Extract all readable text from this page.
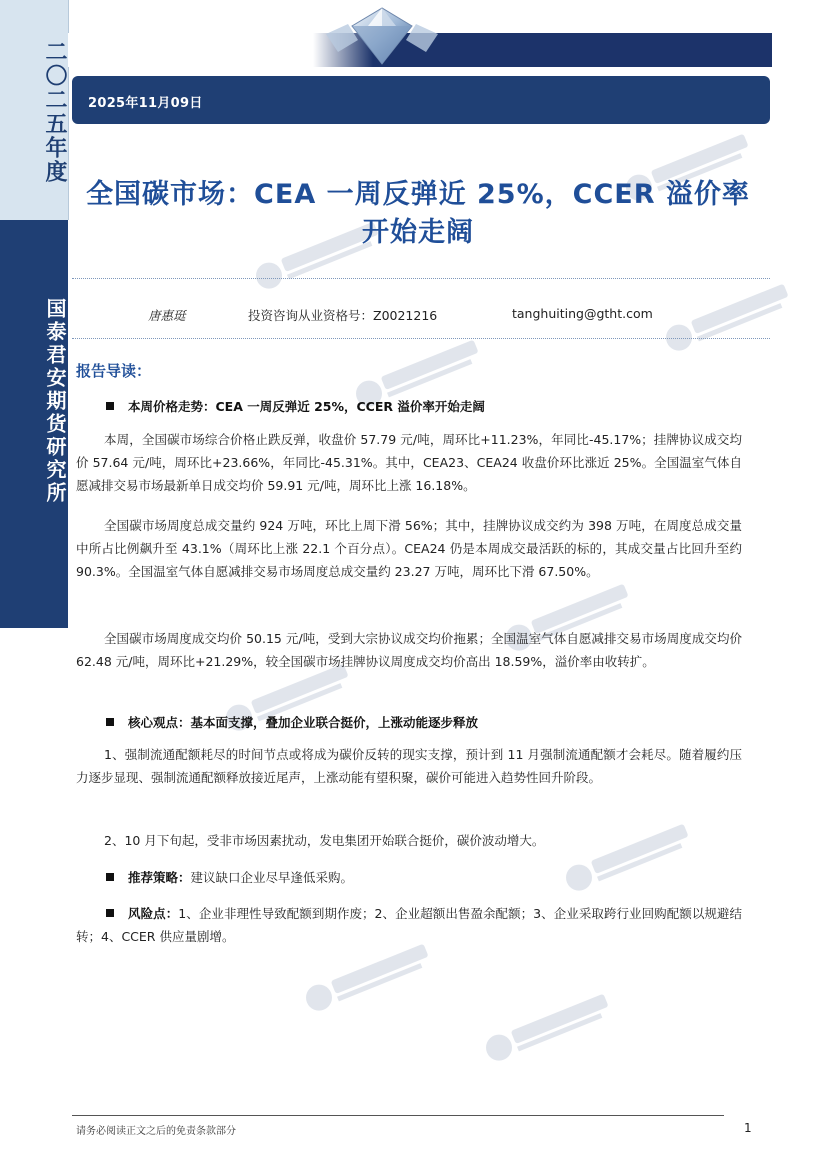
二〇二五年度
国泰君安期货研究所
2025年11月09日
全国碳市场：CEA 一周反弹近 25%，CCER 溢价率开始走阔
唐惠珽	投资咨询从业资格号：Z0021216	tanghuiting@gtht.com
报告导读：
本周价格走势：CEA 一周反弹近 25%，CCER 溢价率开始走阔
本周，全国碳市场综合价格止跌反弹，收盘价 57.79 元/吨，周环比+11.23%，年同比-45.17%；挂牌协议成交均价 57.64 元/吨，周环比+23.66%，年同比-45.31%。其中，CEA23、CEA24 收盘价环比涨近 25%。全国温室气体自愿减排交易市场最新单日成交均价 59.91 元/吨，周环比上涨 16.18%。
全国碳市场周度总成交量约 924 万吨，环比上周下滑 56%；其中，挂牌协议成交约为 398 万吨，在周度总成交量中所占比例飙升至 43.1%（周环比上涨 22.1 个百分点）。CEA24 仍是本周成交最活跃的标的，其成交量占比回升至约 90.3%。全国温室气体自愿减排交易市场周度总成交量约 23.27 万吨，周环比下滑 67.50%。
全国碳市场周度成交均价 50.15 元/吨，受到大宗协议成交均价拖累；全国温室气体自愿减排交易市场周度成交均价 62.48 元/吨，周环比+21.29%，较全国碳市场挂牌协议周度成交均价高出 18.59%，溢价率由收转扩。
核心观点：基本面支撑，叠加企业联合挺价，上涨动能逐步释放
1、强制流通配额耗尽的时间节点或将成为碳价反转的现实支撑，预计到 11 月强制流通配额才会耗尽。随着履约压力逐步显现、强制流通配额释放接近尾声，上涨动能有望积聚，碳价可能进入趋势性回升阶段。
2、10 月下旬起，受非市场因素扰动，发电集团开始联合挺价，碳价波动增大。
推荐策略：建议缺口企业尽早逢低采购。
风险点：1、企业非理性导致配额到期作废；2、企业超额出售盈余配额；3、企业采取跨行业回购配额以规避结转；4、CCER 供应量剧增。
请务必阅读正文之后的免责条款部分	1
